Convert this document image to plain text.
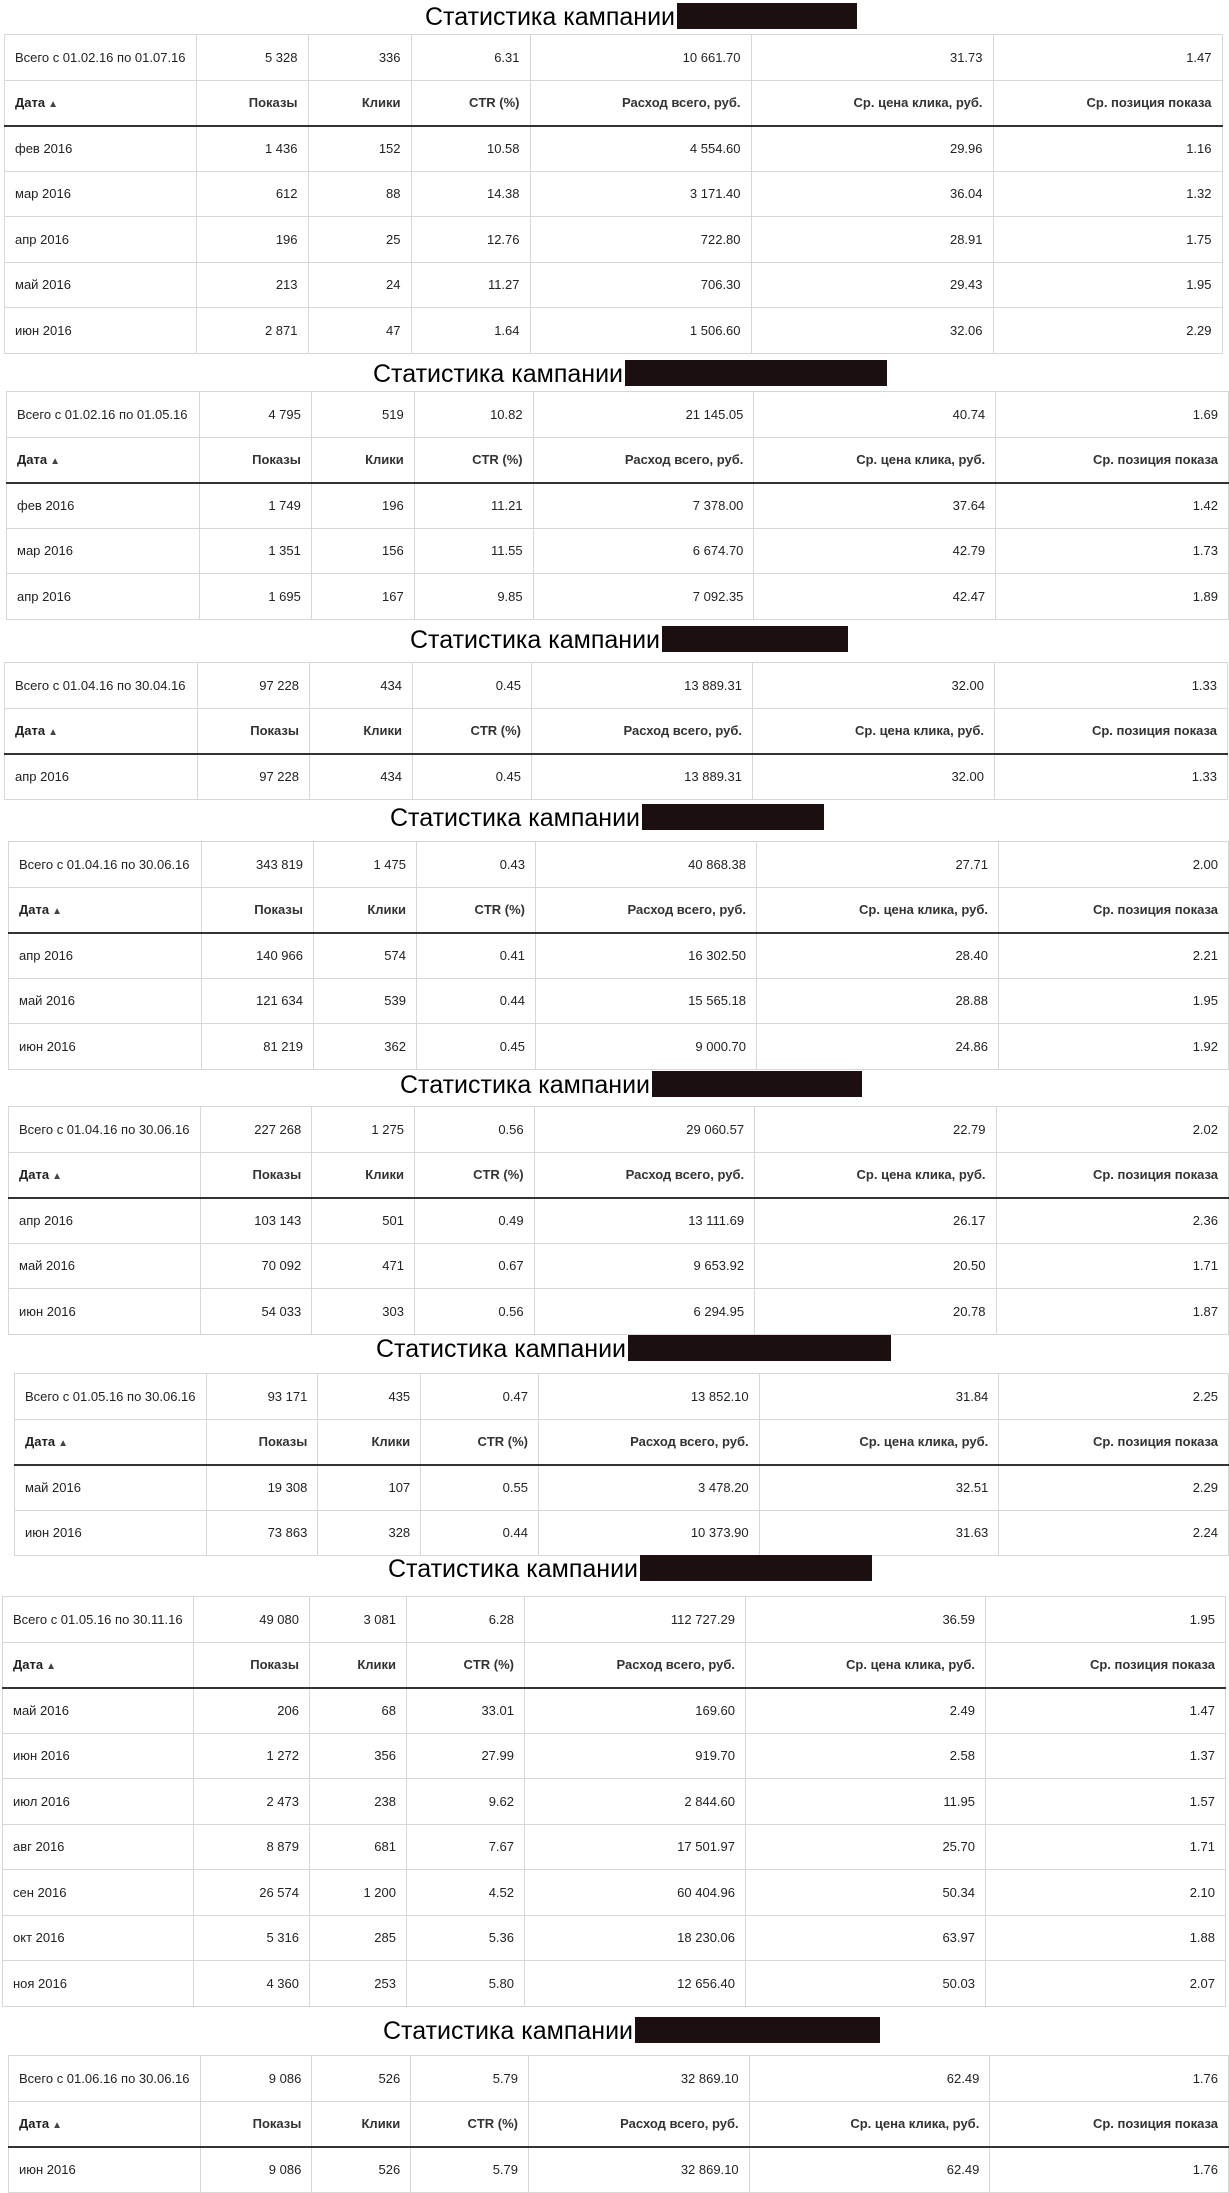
Статистика кампании
Всего с 01.02.16 по 01.07.16	5 328	336	6.31	10 661.70	31.73	1.47
Дата ▲	Показы	Клики	CTR (%)	Расход всего, руб.	Ср. цена клика, руб.	Ср. позиция показа
фев 2016	1 436	152	10.58	4 554.60	29.96	1.16
мар 2016	612	88	14.38	3 171.40	36.04	1.32
апр 2016	196	25	12.76	722.80	28.91	1.75
май 2016	213	24	11.27	706.30	29.43	1.95
июн 2016	2 871	47	1.64	1 506.60	32.06	2.29
Статистика кампании
Всего с 01.02.16 по 01.05.16	4 795	519	10.82	21 145.05	40.74	1.69
Дата ▲	Показы	Клики	CTR (%)	Расход всего, руб.	Ср. цена клика, руб.	Ср. позиция показа
фев 2016	1 749	196	11.21	7 378.00	37.64	1.42
мар 2016	1 351	156	11.55	6 674.70	42.79	1.73
апр 2016	1 695	167	9.85	7 092.35	42.47	1.89
Статистика кампании
Всего с 01.04.16 по 30.04.16	97 228	434	0.45	13 889.31	32.00	1.33
Дата ▲	Показы	Клики	CTR (%)	Расход всего, руб.	Ср. цена клика, руб.	Ср. позиция показа
апр 2016	97 228	434	0.45	13 889.31	32.00	1.33
Статистика кампании
Всего с 01.04.16 по 30.06.16	343 819	1 475	0.43	40 868.38	27.71	2.00
Дата ▲	Показы	Клики	CTR (%)	Расход всего, руб.	Ср. цена клика, руб.	Ср. позиция показа
апр 2016	140 966	574	0.41	16 302.50	28.40	2.21
май 2016	121 634	539	0.44	15 565.18	28.88	1.95
июн 2016	81 219	362	0.45	9 000.70	24.86	1.92
Статистика кампании
Всего с 01.04.16 по 30.06.16	227 268	1 275	0.56	29 060.57	22.79	2.02
Дата ▲	Показы	Клики	CTR (%)	Расход всего, руб.	Ср. цена клика, руб.	Ср. позиция показа
апр 2016	103 143	501	0.49	13 111.69	26.17	2.36
май 2016	70 092	471	0.67	9 653.92	20.50	1.71
июн 2016	54 033	303	0.56	6 294.95	20.78	1.87
Статистика кампании
Всего с 01.05.16 по 30.06.16	93 171	435	0.47	13 852.10	31.84	2.25
Дата ▲	Показы	Клики	CTR (%)	Расход всего, руб.	Ср. цена клика, руб.	Ср. позиция показа
май 2016	19 308	107	0.55	3 478.20	32.51	2.29
июн 2016	73 863	328	0.44	10 373.90	31.63	2.24
Статистика кампании
Всего с 01.05.16 по 30.11.16	49 080	3 081	6.28	112 727.29	36.59	1.95
Дата ▲	Показы	Клики	CTR (%)	Расход всего, руб.	Ср. цена клика, руб.	Ср. позиция показа
май 2016	206	68	33.01	169.60	2.49	1.47
июн 2016	1 272	356	27.99	919.70	2.58	1.37
июл 2016	2 473	238	9.62	2 844.60	11.95	1.57
авг 2016	8 879	681	7.67	17 501.97	25.70	1.71
сен 2016	26 574	1 200	4.52	60 404.96	50.34	2.10
окт 2016	5 316	285	5.36	18 230.06	63.97	1.88
ноя 2016	4 360	253	5.80	12 656.40	50.03	2.07
Статистика кампании
Всего с 01.06.16 по 30.06.16	9 086	526	5.79	32 869.10	62.49	1.76
Дата ▲	Показы	Клики	CTR (%)	Расход всего, руб.	Ср. цена клика, руб.	Ср. позиция показа
июн 2016	9 086	526	5.79	32 869.10	62.49	1.76
